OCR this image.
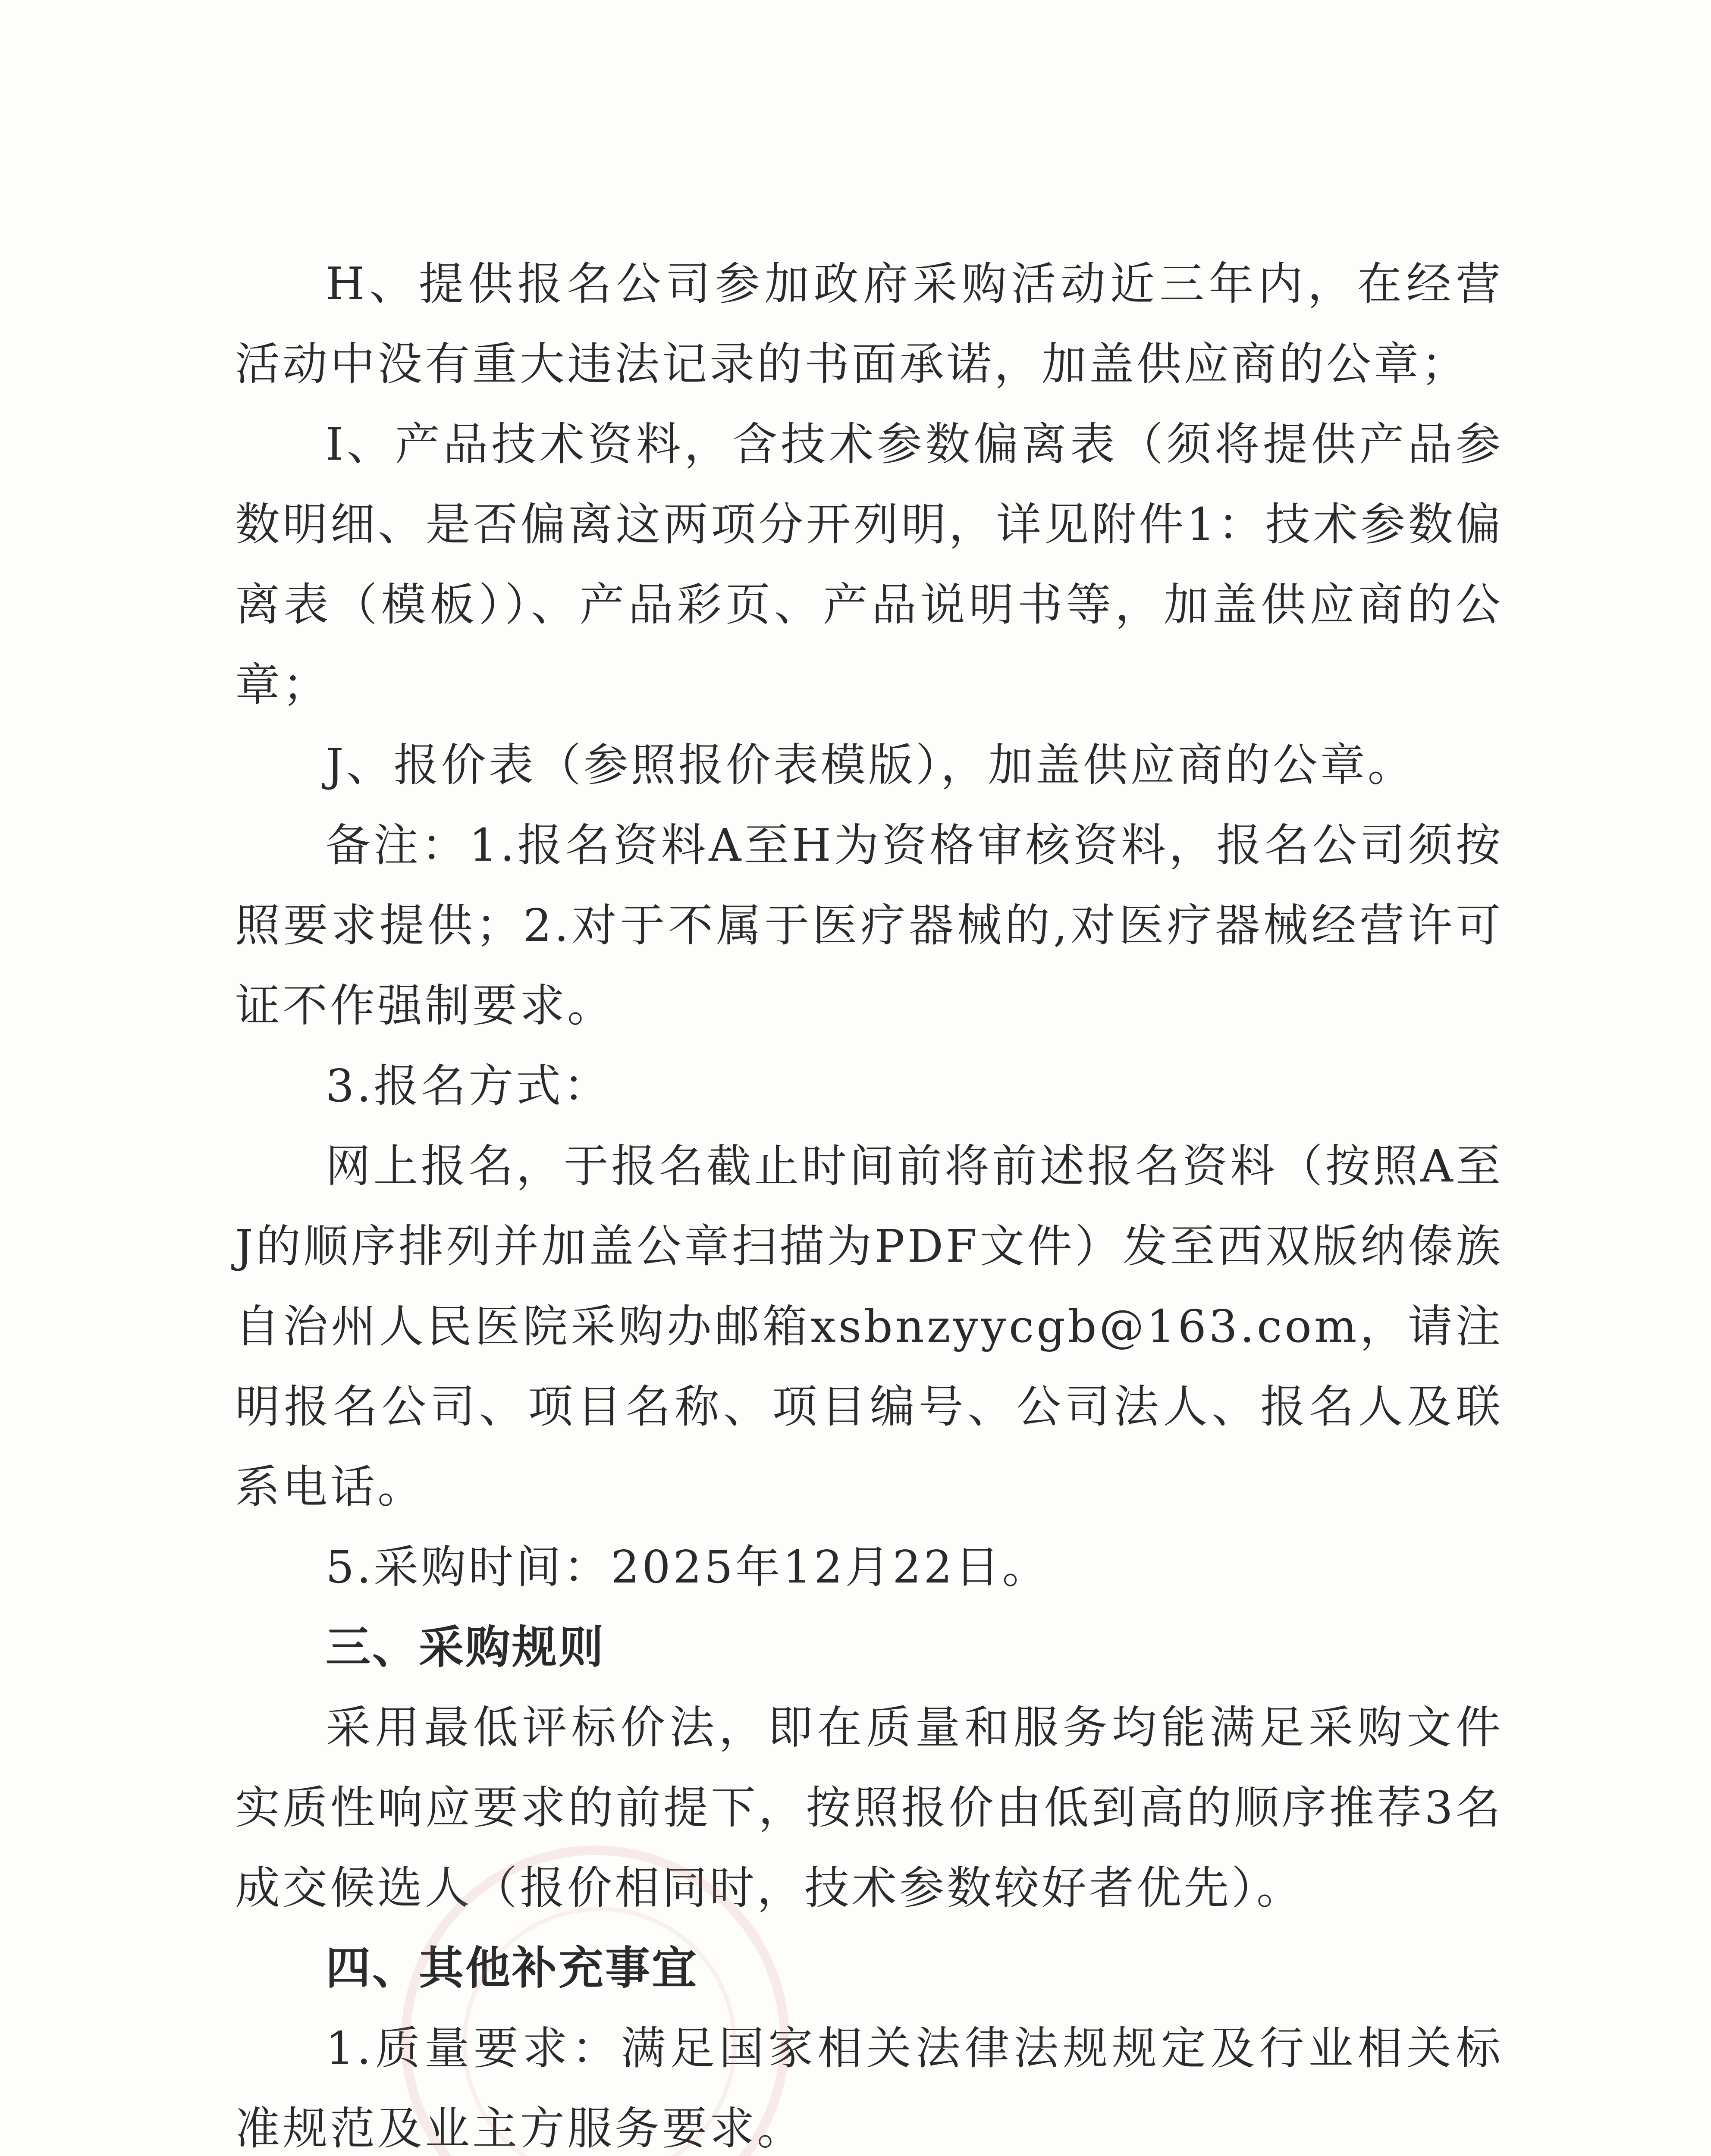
H、提供报名公司参加政府采购活动近三年内，在经营活动中没有重大违法记录的书面承诺，加盖供应商的公章；

I、产品技术资料，含技术参数偏离表（须将提供产品参数明细、是否偏离这两项分开列明，详见附件1：技术参数偏离表（模板））、产品彩页、产品说明书等，加盖供应商的公章；

J、报价表（参照报价表模版），加盖供应商的公章。

备注：1.报名资料A至H为资格审核资料，报名公司须按照要求提供；2.对于不属于医疗器械的,对医疗器械经营许可证不作强制要求。

3.报名方式：

网上报名，于报名截止时间前将前述报名资料（按照A至J的顺序排列并加盖公章扫描为PDF文件）发至西双版纳傣族自治州人民医院采购办邮箱xsbnzyycgb@163.com，请注明报名公司、项目名称、项目编号、公司法人、报名人及联系电话。

5.采购时间：2025年12月22日。

三、采购规则

采用最低评标价法，即在质量和服务均能满足采购文件实质性响应要求的前提下，按照报价由低到高的顺序推荐3名成交候选人（报价相同时，技术参数较好者优先）。

四、其他补充事宜

1.质量要求：满足国家相关法律法规规定及行业相关标准规范及业主方服务要求。
